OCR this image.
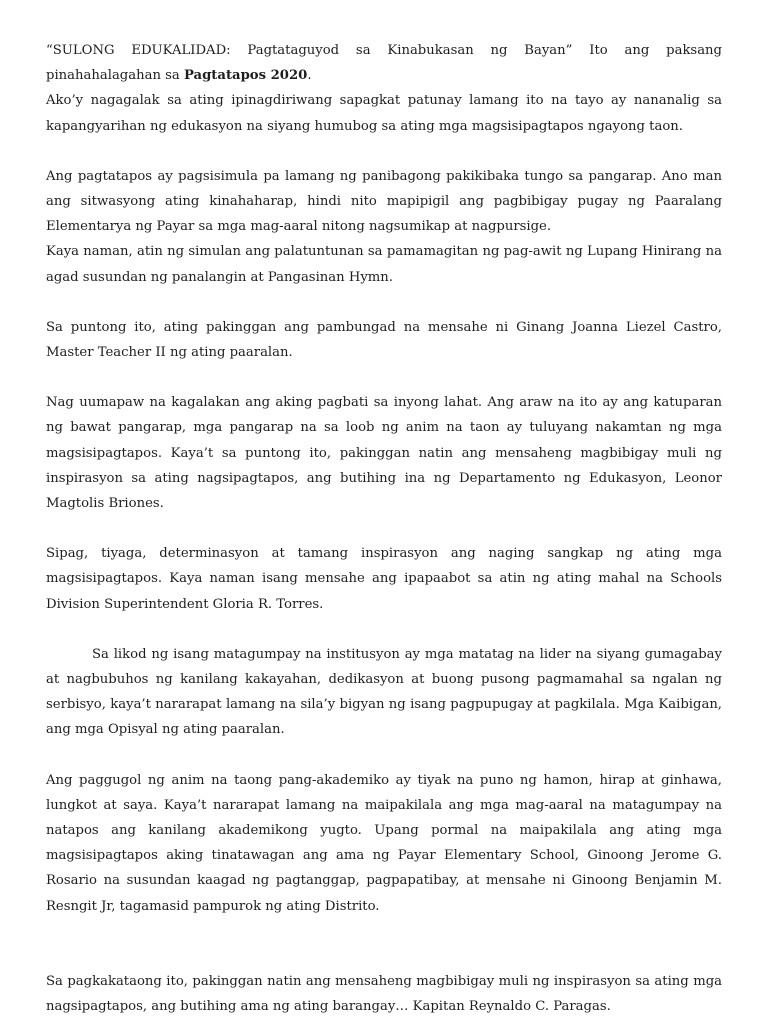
“SULONG EDUKALIDAD: Pagtataguyod sa Kinabukasan ng Bayan” Ito ang paksang pinahahalagahan sa Pagtatapos 2020.

Ako’y nagagalak sa ating ipinagdiriwang sapagkat patunay lamang ito na tayo ay nananalig sa kapangyarihan ng edukasyon na siyang humubog sa ating mga magsisipagtapos ngayong taon.

Ang pagtatapos ay pagsisimula pa lamang ng panibagong pakikibaka tungo sa pangarap. Ano man ang sitwasyong ating kinahaharap, hindi nito mapipigil ang pagbibigay pugay ng Paaralang Elementarya ng Payar sa mga mag-aaral nitong nagsumikap at nagpursige.

Kaya naman, atin ng simulan ang palatuntunan sa pamamagitan ng pag-awit ng Lupang Hinirang na agad susundan ng panalangin at Pangasinan Hymn.

Sa puntong ito, ating pakinggan ang pambungad na mensahe ni Ginang Joanna Liezel Castro, Master Teacher II ng ating paaralan.

Nag uumapaw na kagalakan ang aking pagbati sa inyong lahat. Ang araw na ito ay ang katuparan ng bawat pangarap, mga pangarap na sa loob ng anim na taon ay tuluyang nakamtan ng mga magsisipagtapos. Kaya’t sa puntong ito, pakinggan natin ang mensaheng magbibigay muli ng inspirasyon sa ating nagsipagtapos, ang butihing ina ng Departamento ng Edukasyon, Leonor Magtolis Briones.

Sipag, tiyaga, determinasyon at tamang inspirasyon ang naging sangkap ng ating mga magsisipagtapos. Kaya naman isang mensahe ang ipapaabot sa atin ng ating mahal na Schools Division Superintendent Gloria R. Torres.

Sa likod ng isang matagumpay na institusyon ay mga matatag na lider na siyang gumagabay at nagbubuhos ng kanilang kakayahan, dedikasyon at buong pusong pagmamahal sa ngalan ng serbisyo, kaya’t nararapat lamang na sila’y bigyan ng isang pagpupugay at pagkilala. Mga Kaibigan, ang mga Opisyal ng ating paaralan.

Ang paggugol ng anim na taong pang-akademiko ay tiyak na puno ng hamon, hirap at ginhawa, lungkot at saya. Kaya’t nararapat lamang na maipakilala ang mga mag-aaral na matagumpay na natapos ang kanilang akademikong yugto. Upang pormal na maipakilala ang ating mga magsisipagtapos aking tinatawagan ang ama ng Payar Elementary School, Ginoong Jerome G. Rosario na susundan kaagad ng pagtanggap, pagpapatibay, at mensahe ni Ginoong Benjamin M. Resngit Jr, tagamasid pampurok ng ating Distrito.

Sa pagkakataong ito, pakinggan natin ang mensaheng magbibigay muli ng inspirasyon sa ating mga nagsipagtapos, ang butihing ama ng ating barangay… Kapitan Reynaldo C. Paragas.
